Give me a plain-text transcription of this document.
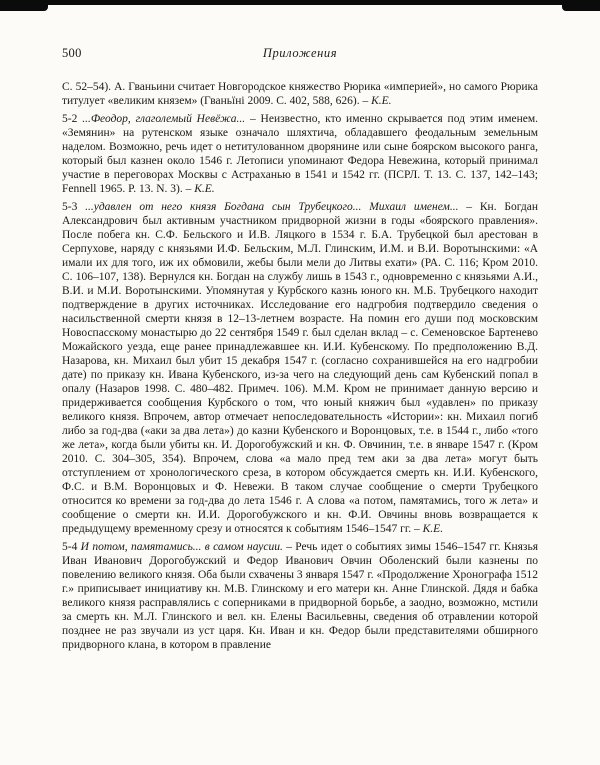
500	Приложения

С. 52–54). А. Гваньини считает Новгородское княжество Рюрика «империей», но самого Рюрика титулует «великим князем» (Гваньїні 2009. С. 402, 588, 626). – К.Е.

5-2 ...Феодор, глаголемый Невёжа... – Неизвестно, кто именно скрывается под этим именем. «Земянин» на рутенском языке означало шляхтича, обладавшего феодальным земельным наделом. Возможно, речь идет о нетитулованном дворянине или сыне боярском высокого ранга, который был казнен около 1546 г. Летописи упоминают Федора Невежина, который принимал участие в переговорах Москвы с Астраханью в 1541 и 1542 гг. (ПСРЛ. Т. 13. С. 137, 142–143; Fennell 1965. P. 13. N. 3). – К.Е.

5-3 ...удавлен от него князя Богдана сын Трубецкого... Михаил именем... – Кн. Богдан Александрович был активным участником придворной жизни в годы «боярского правления». После побега кн. С.Ф. Бельского и И.В. Ляцкого в 1534 г. Б.А. Трубецкой был арестован в Серпухове, наряду с князьями И.Ф. Бельским, М.Л. Глинским, И.М. и В.И. Воротынскими: «А имали их для того, иж их обмовили, жебы были мели до Литвы ехати» (РА. С. 116; Кром 2010. С. 106–107, 138). Вернулся кн. Богдан на службу лишь в 1543 г., одновременно с князьями А.И., В.И. и М.И. Воротынскими. Упомянутая у Курбского казнь юного кн. М.Б. Трубецкого находит подтверждение в других источниках. Исследование его надгробия подтвердило сведения о насильственной смерти князя в 12–13-летнем возрасте. На помин его души под московским Новоспасскому монастырю до 22 сентября 1549 г. был сделан вклад – с. Семеновское Бартенево Можайского уезда, еще ранее принадлежавшее кн. И.И. Кубенскому. По предположению В.Д. Назарова, кн. Михаил был убит 15 декабря 1547 г. (согласно сохранившейся на его надгробии дате) по приказу кн. Ивана Кубенского, из-за чего на следующий день сам Кубенский попал в опалу (Назаров 1998. С. 480–482. Примеч. 106). М.М. Кром не принимает данную версию и придерживается сообщения Курбского о том, что юный княжич был «удавлен» по приказу великого князя. Впрочем, автор отмечает непоследовательность «Истории»: кн. Михаил погиб либо за год-два («аки за два лета») до казни Кубенского и Воронцовых, т.е. в 1544 г., либо «того же лета», когда были убиты кн. И. Дорогобужский и кн. Ф. Овчинин, т.е. в январе 1547 г. (Кром 2010. С. 304–305, 354). Впрочем, слова «а мало пред тем аки за два лета» могут быть отступлением от хронологического среза, в котором обсуждается смерть кн. И.И. Кубенского, Ф.С. и В.М. Воронцовых и Ф. Невежи. В таком случае сообщение о смерти Трубецкого относится ко времени за год-два до лета 1546 г. А слова «а потом, памятамись, того ж лета» и сообщение о смерти кн. И.И. Дорогобужского и кн. Ф.И. Овчины вновь возвращается к предыдущему временному срезу и относятся к событиям 1546–1547 гг. – К.Е.

5-4 И потом, памятамись... в самом наусии. – Речь идет о событиях зимы 1546–1547 гг. Князья Иван Иванович Дорогобужский и Федор Иванович Овчин Оболенский были казнены по повелению великого князя. Оба были схвачены 3 января 1547 г. «Продолжение Хронографа 1512 г.» приписывает инициативу кн. М.В. Глинскому и его матери кн. Анне Глинской. Дядя и бабка великого князя расправлялись с соперниками в придворной борьбе, а заодно, возможно, мстили за смерть кн. М.Л. Глинского и вел. кн. Елены Васильевны, сведения об отравлении которой позднее не раз звучали из уст царя. Кн. Иван и кн. Федор были представителями обширного придворного клана, в котором в правление
